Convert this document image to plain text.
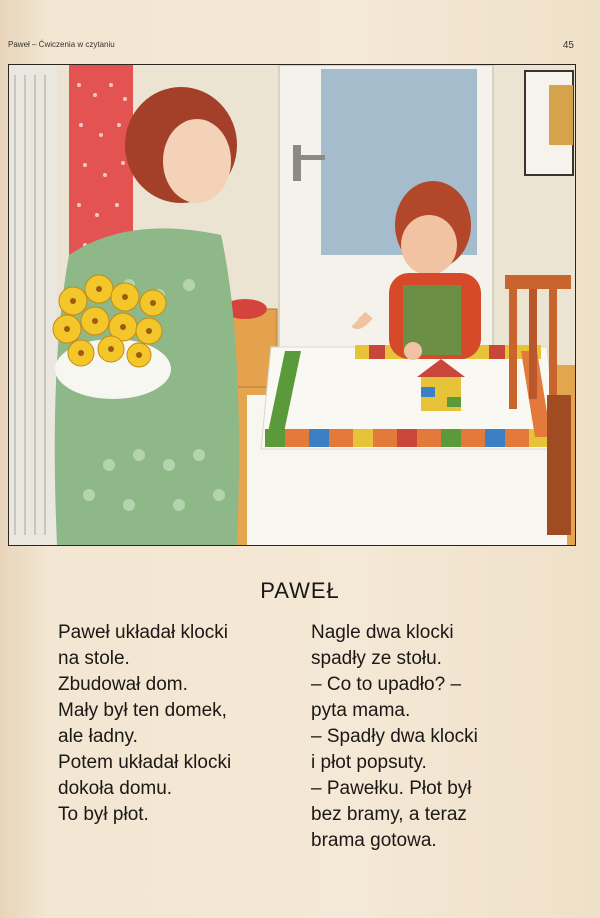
Paweł – Ćwiczenia w czytaniu	45
PAWEŁ
Paweł układał klocki
na stole.
Zbudował dom.
Mały był ten domek,
ale ładny.
Potem układał klocki
dokoła domu.
To był płot.
Nagle dwa klocki
spadły ze stołu.
– Co to upadło? –
pyta mama.
– Spadły dwa klocki
i płot popsuty.
– Pawełku. Płot był
bez bramy, a teraz
brama gotowa.
